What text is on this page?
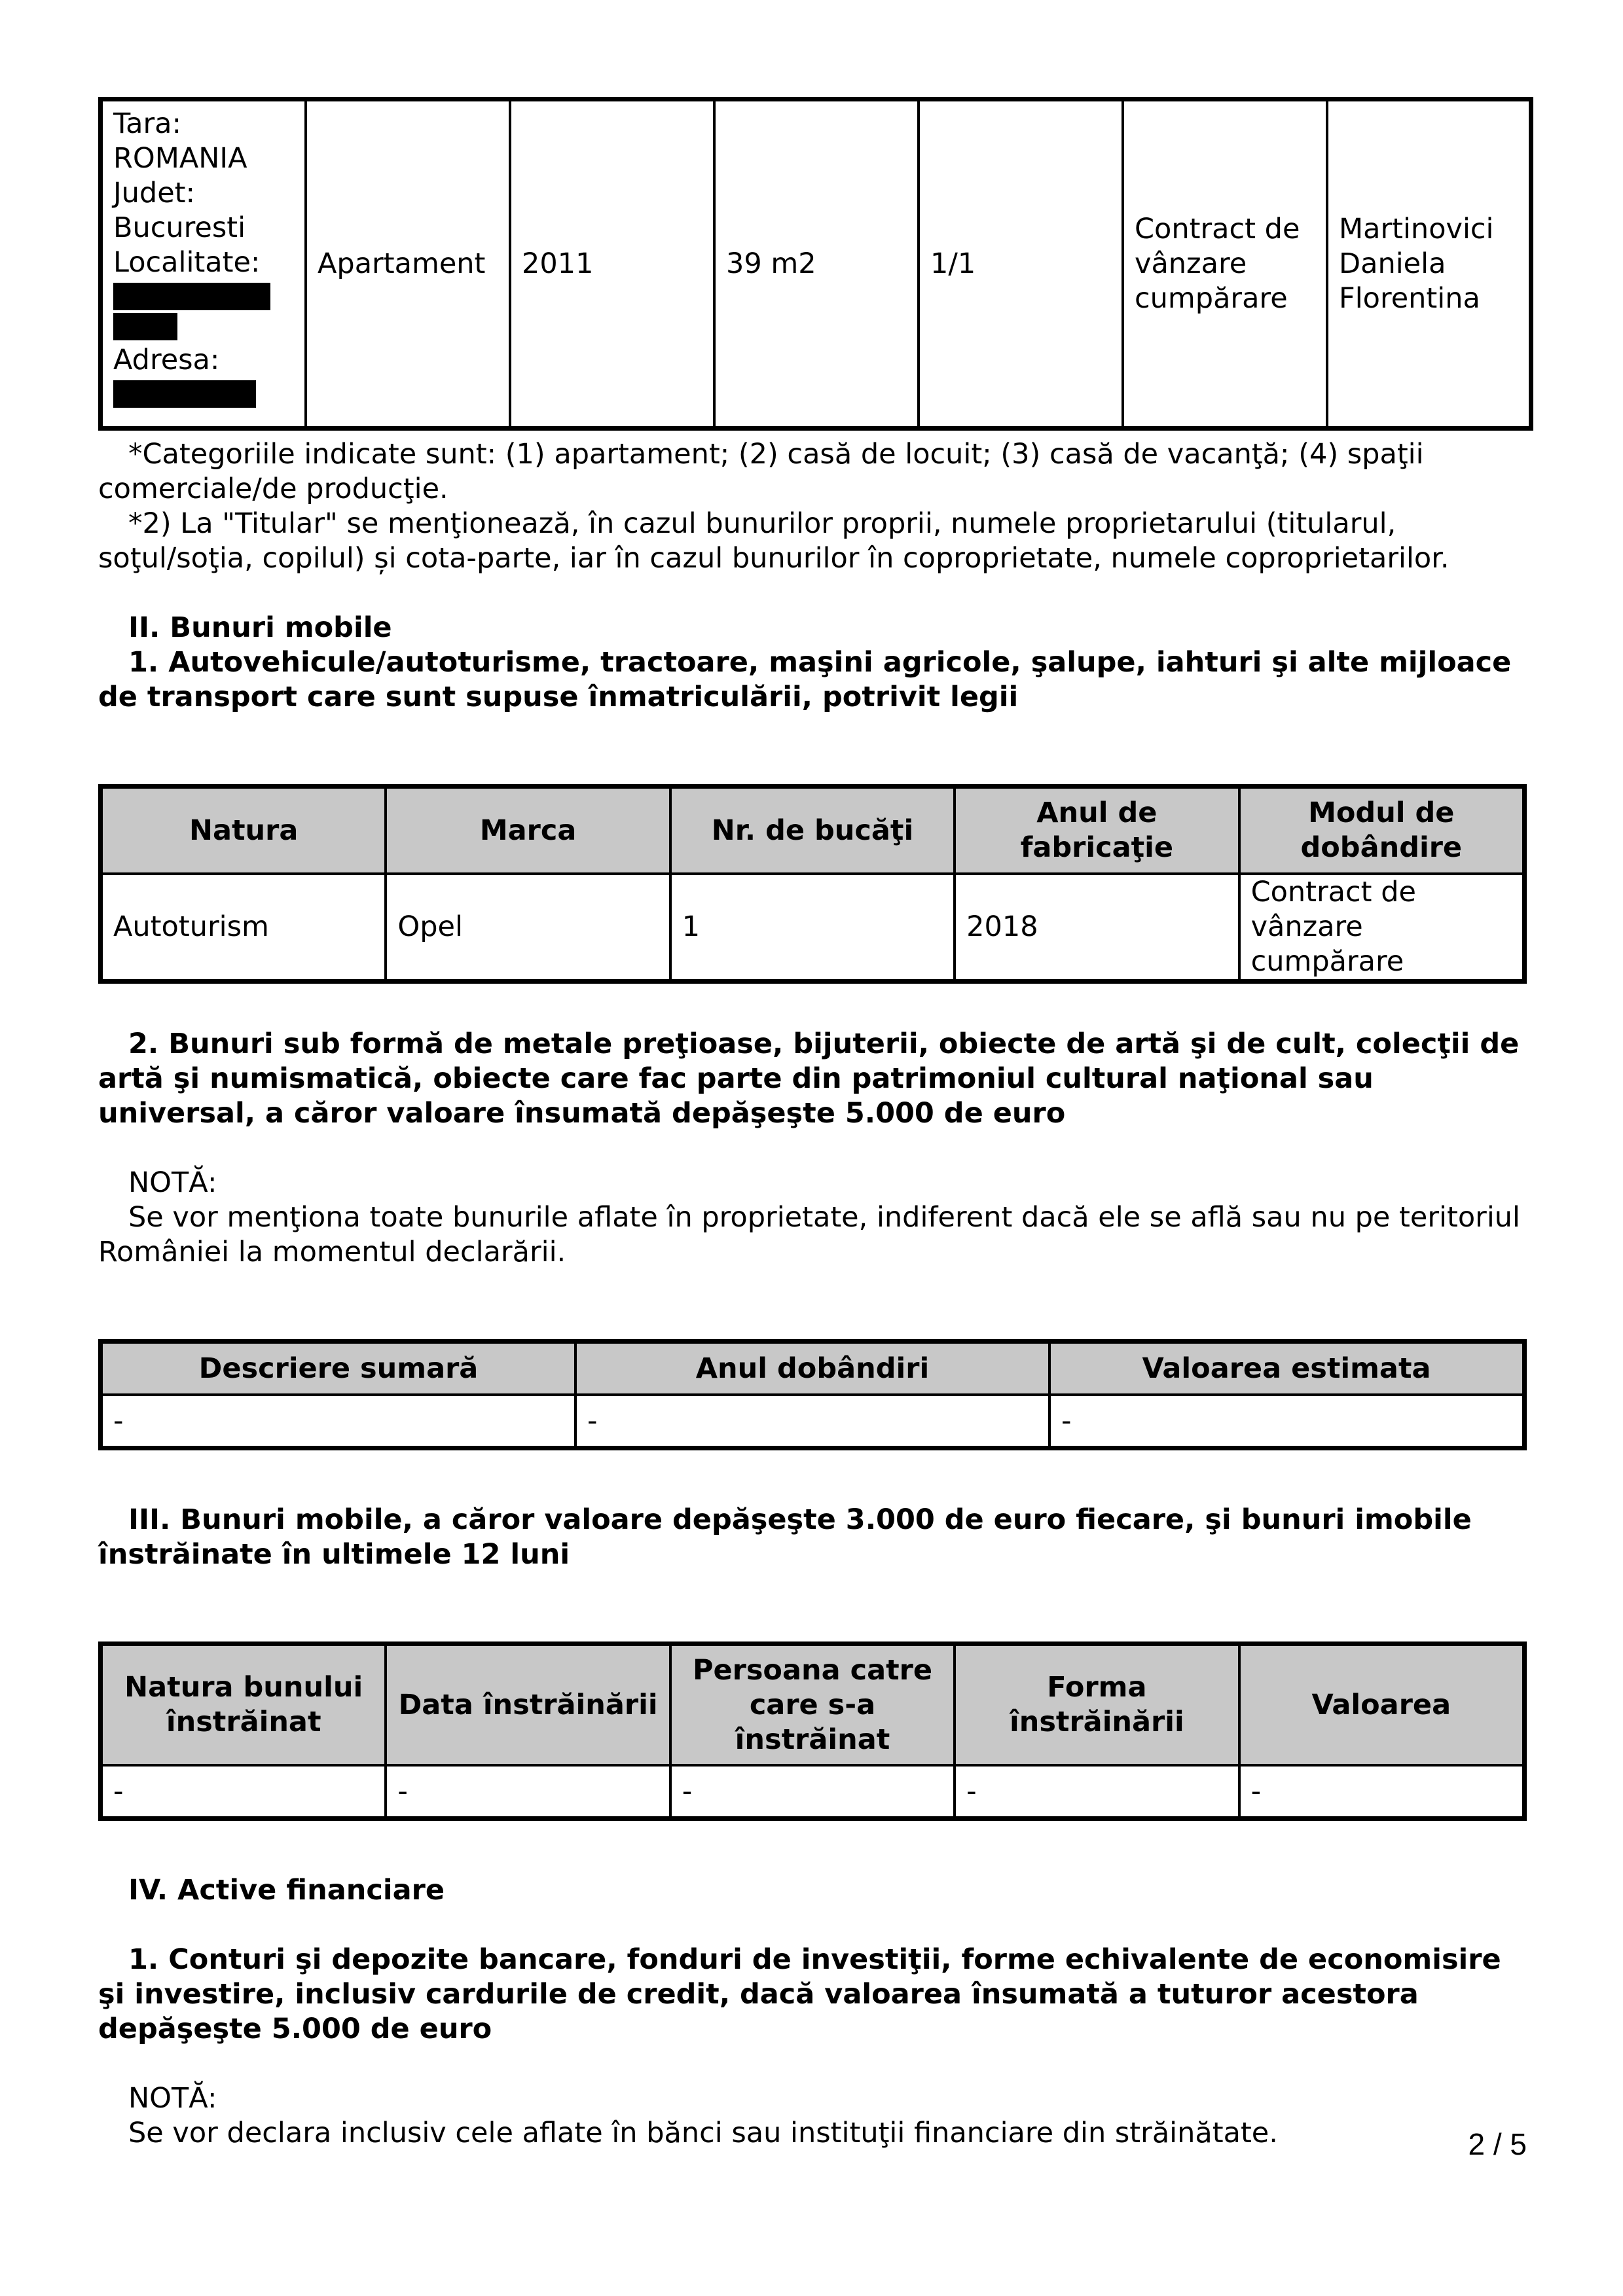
Tara:
ROMANIA
Judet:
Bucuresti
Localitate:
Adresa:
	Apartament	2011	39 m2	1/1	Contract de vânzare cumpărare	Martinovici Daniela Florentina

*Categoriile indicate sunt: (1) apartament; (2) casă de locuit; (3) casă de vacanţă; (4) spaţii comerciale/de producţie.

*2) La "Titular" se menţionează, în cazul bunurilor proprii, numele proprietarului (titularul, soţul/soţia, copilul) și cota-parte, iar în cazul bunurilor în coproprietate, numele coproprietarilor.

II. Bunuri mobile

1. Autovehicule/autoturisme, tractoare, maşini agricole, şalupe, iahturi şi alte mijloace de transport care sunt supuse înmatriculării, potrivit legii

Natura	Marca	Nr. de bucăţi	Anul de fabricaţie	Modul de dobândire
Autoturism	Opel	1	2018	Contract de vânzare cumpărare

2. Bunuri sub formă de metale preţioase, bijuterii, obiecte de artă şi de cult, colecţii de artă şi numismatică, obiecte care fac parte din patrimoniul cultural naţional sau universal, a căror valoare însumată depăşeşte 5.000 de euro

NOTĂ:

Se vor menţiona toate bunurile aflate în proprietate, indiferent dacă ele se află sau nu pe teritoriul României la momentul declarării.

Descriere sumară	Anul dobândiri	Valoarea estimata
-	-	-

III. Bunuri mobile, a căror valoare depăşeşte 3.000 de euro fiecare, şi bunuri imobile înstrăinate în ultimele 12 luni

Natura bunului înstrăinat	Data înstrăinării	Persoana catre care s-a înstrăinat	Forma înstrăinării	Valoarea
-	-	-	-	-

IV. Active financiare

1. Conturi şi depozite bancare, fonduri de investiţii, forme echivalente de economisire şi investire, inclusiv cardurile de credit, dacă valoarea însumată a tuturor acestora depăşeşte 5.000 de euro

NOTĂ:

Se vor declara inclusiv cele aflate în bănci sau instituţii financiare din străinătate.	2 / 5
